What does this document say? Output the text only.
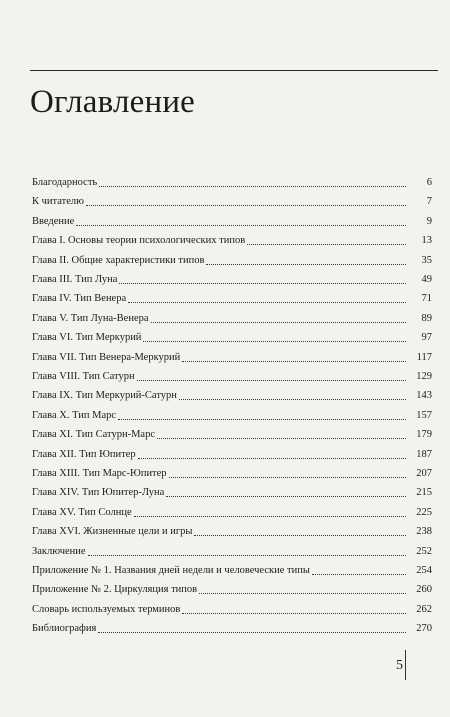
Оглавление
Благодарность	6
К читателю	7
Введение	9
Глава I. Основы теории психологических типов	13
Глава II. Общие характеристики типов	35
Глава III. Тип Луна	49
Глава IV. Тип Венера	71
Глава V. Тип Луна-Венера	89
Глава VI. Тип Меркурий	97
Глава VII. Тип Венера-Меркурий	117
Глава VIII. Тип Сатурн	129
Глава IX. Тип Меркурий-Сатурн	143
Глава X. Тип Марс	157
Глава XI. Тип Сатурн-Марс	179
Глава XII. Тип Юпитер	187
Глава XIII. Тип Марс-Юпитер	207
Глава XIV. Тип Юпитер-Луна	215
Глава XV. Тип Солнце	225
Глава XVI. Жизненные цели и игры	238
Заключение	252
Приложение № 1. Названия дней недели и человеческие типы	254
Приложение № 2. Циркуляция типов	260
Словарь используемых терминов	262
Библиография	270
5
